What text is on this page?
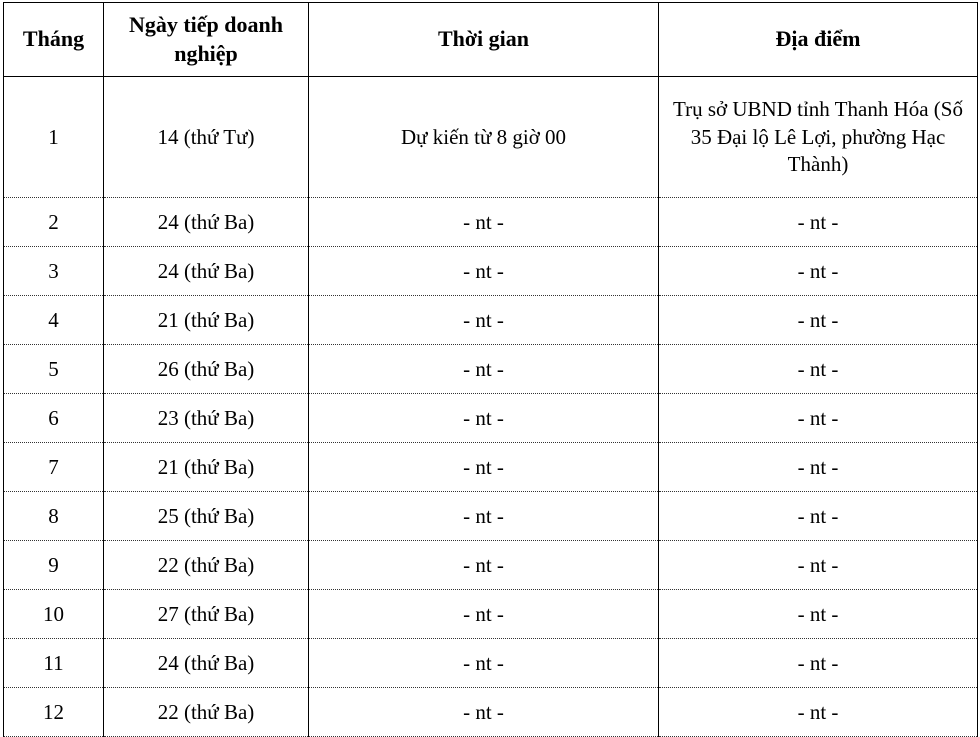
Tháng	Ngày tiếp doanh nghiệp	Thời gian	Địa điểm
1	14 (thứ Tư)	Dự kiến từ 8 giờ 00	Trụ sở UBND tỉnh Thanh Hóa (Số 35 Đại lộ Lê Lợi, phường Hạc Thành)
2	24 (thứ Ba)	- nt -	- nt -
3	24 (thứ Ba)	- nt -	- nt -
4	21 (thứ Ba)	- nt -	- nt -
5	26 (thứ Ba)	- nt -	- nt -
6	23 (thứ Ba)	- nt -	- nt -
7	21 (thứ Ba)	- nt -	- nt -
8	25 (thứ Ba)	- nt -	- nt -
9	22 (thứ Ba)	- nt -	- nt -
10	27 (thứ Ba)	- nt -	- nt -
11	24 (thứ Ba)	- nt -	- nt -
12	22 (thứ Ba)	- nt -	- nt -
